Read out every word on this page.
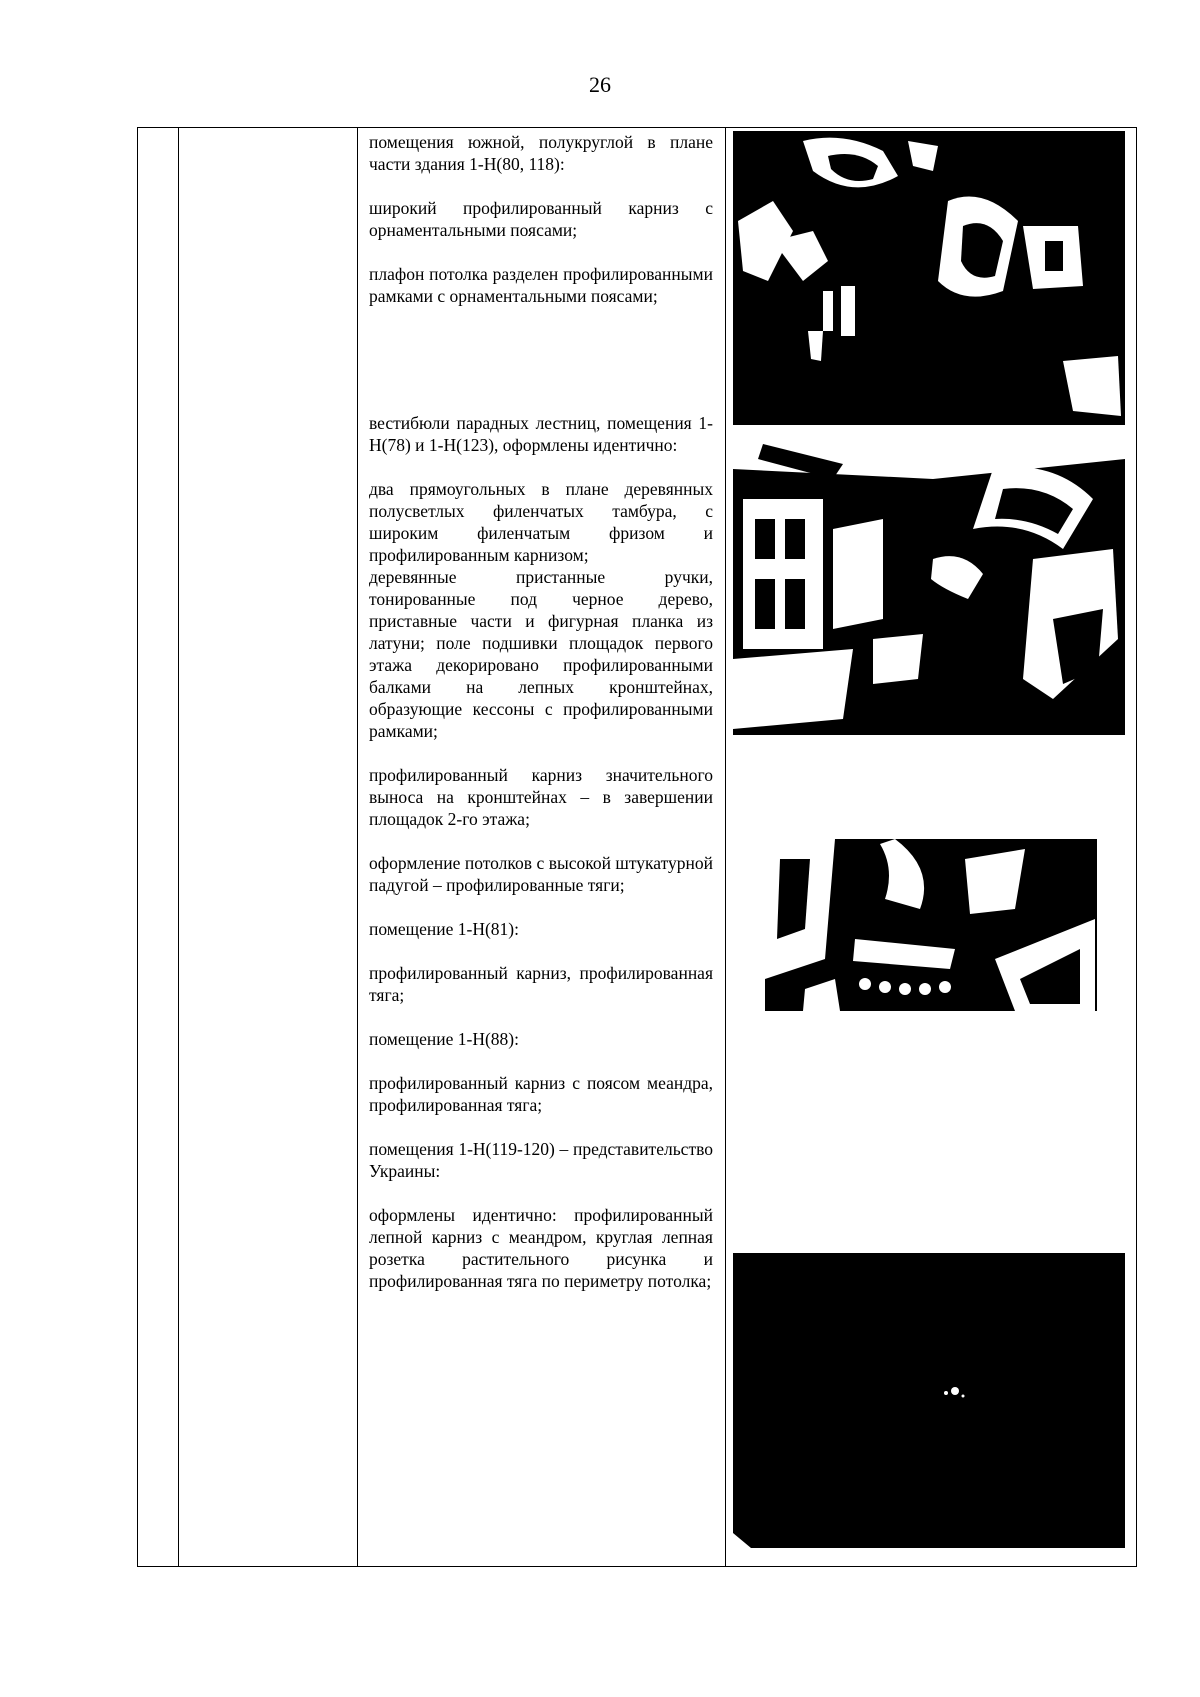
26

помещения южной, полукруглой в плане части здания 1-Н(80, 118):

широкий профилированный карниз с орнаментальными поясами;

плафон потолка разделен профилированными рамками с орнаментальными поясами;

вестибюли парадных лестниц, помещения 1-Н(78) и 1-Н(123), оформлены идентично:

два прямоугольных в плане деревянных полусветлых филенчатых тамбура, с широким филенчатым фризом и профилированным карнизом;

деревянные пристанные ручки, тонированные под черное дерево, приставные части и фигурная планка из латуни; поле подшивки площадок первого этажа декорировано профилированными балками на лепных кронштейнах, образующие кессоны с профилированными рамками;

профилированный карниз значительного выноса на кронштейнах – в завершении площадок 2-го этажа;

оформление потолков с высокой штукатурной падугой – профилированные тяги;

помещение 1-Н(81):

профилированный карниз, профилированная тяга;

помещение 1-Н(88):

профилированный карниз с поясом меандра, профилированная тяга;

помещения 1-Н(119-120) – представительство Украины:

оформлены идентично: профилированный лепной карниз с меандром, круглая лепная розетка растительного рисунка и профилированная тяга по периметру потолка;
